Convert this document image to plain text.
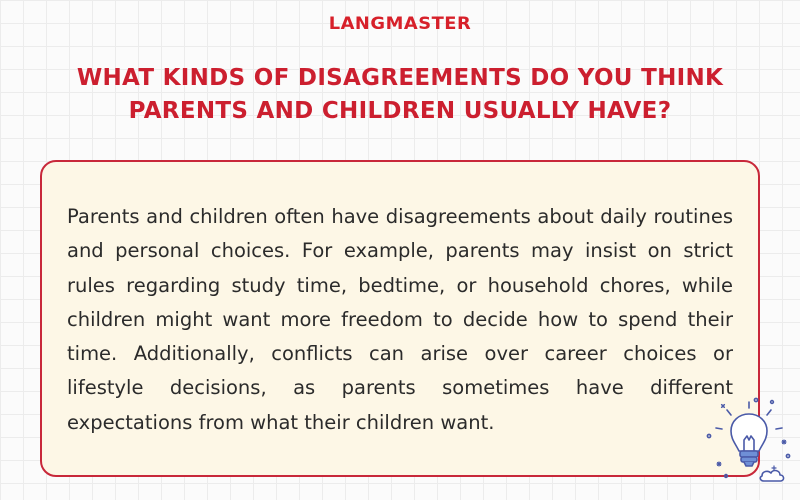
LANGMASTER
WHAT KINDS OF DISAGREEMENTS DO YOU THINK
PARENTS AND CHILDREN USUALLY HAVE?

Parents and children often have disagreements about daily routines and personal choices. For example, parents may insist on strict rules regarding study time, bedtime, or household chores, while children might want more freedom to decide how to spend their time. Additionally, conflicts can arise over career choices or lifestyle decisions, as parents sometimes have different expectations from what their children want.
